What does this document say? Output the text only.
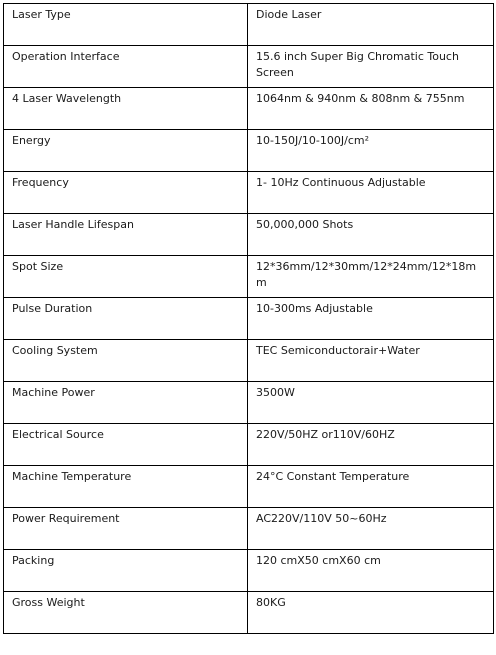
Laser Type	Diode Laser
Operation Interface	15.6 inch Super Big Chromatic Touch Screen
4 Laser Wavelength	1064nm & 940nm & 808nm & 755nm
Energy	10-150J/10-100J/cm²
Frequency	1- 10Hz Continuous Adjustable
Laser Handle Lifespan	50,000,000 Shots
Spot Size	12*36mm/12*30mm/12*24mm/12*18mm
Pulse Duration	10-300ms Adjustable
Cooling System	TEC Semiconductorair+Water
Machine Power	3500W
Electrical Source	220V/50HZ or110V/60HZ
Machine Temperature	24°C Constant Temperature
Power Requirement	AC220V/110V 50~60Hz
Packing	120 cmX50 cmX60 cm
Gross Weight	80KG
